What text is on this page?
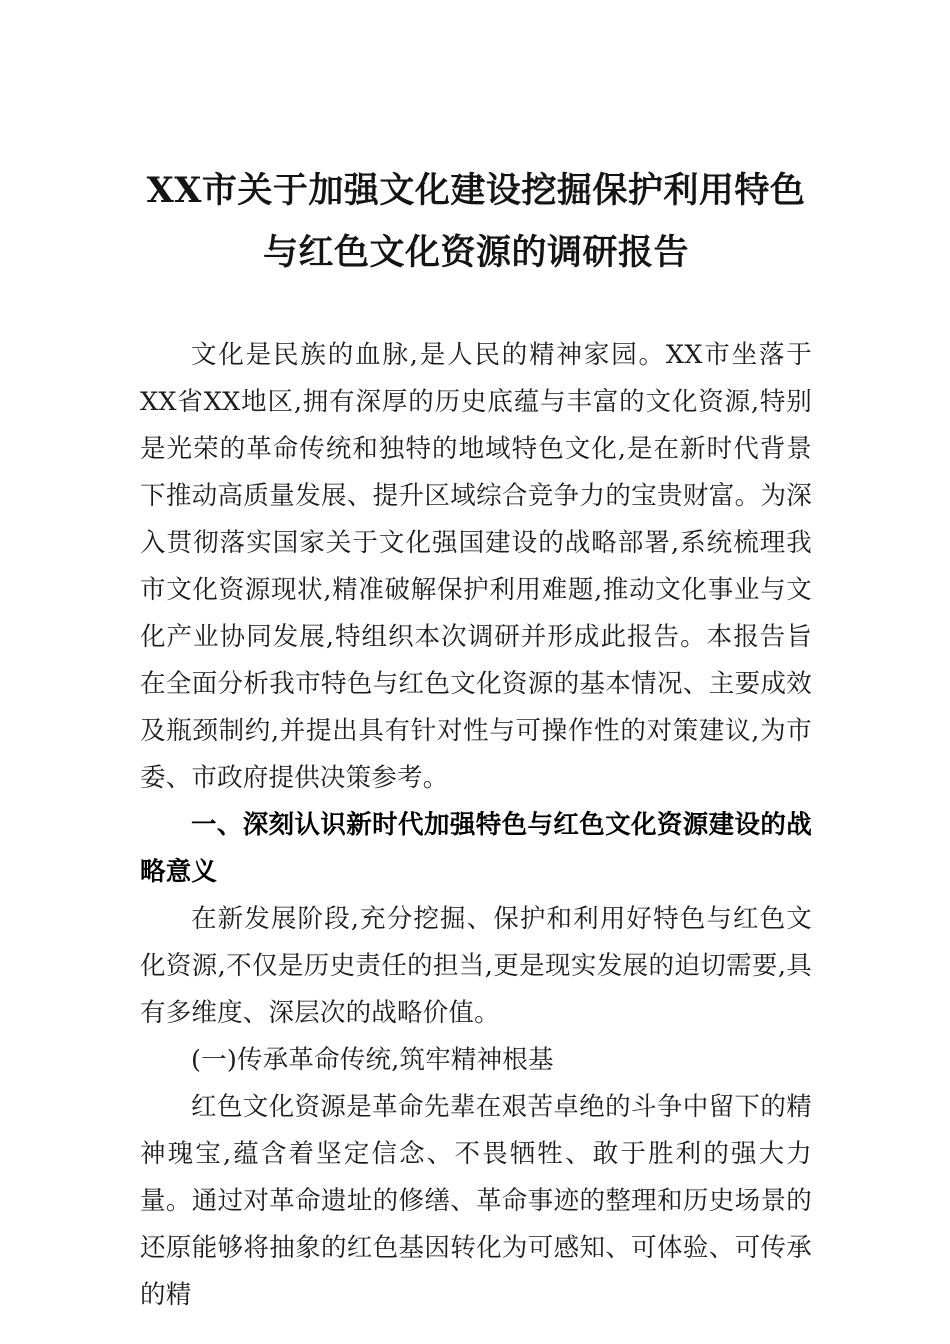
XX市关于加强文化建设挖掘保护利用特色与红色文化资源的调研报告

文化是民族的血脉,是人民的精神家园。XX市坐落于XX省XX地区,拥有深厚的历史底蕴与丰富的文化资源,特别是光荣的革命传统和独特的地域特色文化,是在新时代背景下推动高质量发展、提升区域综合竞争力的宝贵财富。为深入贯彻落实国家关于文化强国建设的战略部署,系统梳理我市文化资源现状,精准破解保护利用难题,推动文化事业与文化产业协同发展,特组织本次调研并形成此报告。本报告旨在全面分析我市特色与红色文化资源的基本情况、主要成效及瓶颈制约,并提出具有针对性与可操作性的对策建议,为市委、市政府提供决策参考。

一、深刻认识新时代加强特色与红色文化资源建设的战略意义

在新发展阶段,充分挖掘、保护和利用好特色与红色文化资源,不仅是历史责任的担当,更是现实发展的迫切需要,具有多维度、深层次的战略价值。

(一)传承革命传统,筑牢精神根基

红色文化资源是革命先辈在艰苦卓绝的斗争中留下的精神瑰宝,蕴含着坚定信念、不畏牺牲、敢于胜利的强大力量。通过对革命遗址的修缮、革命事迹的整理和历史场景的还原能够将抽象的红色基因转化为可感知、可体验、可传承的精
